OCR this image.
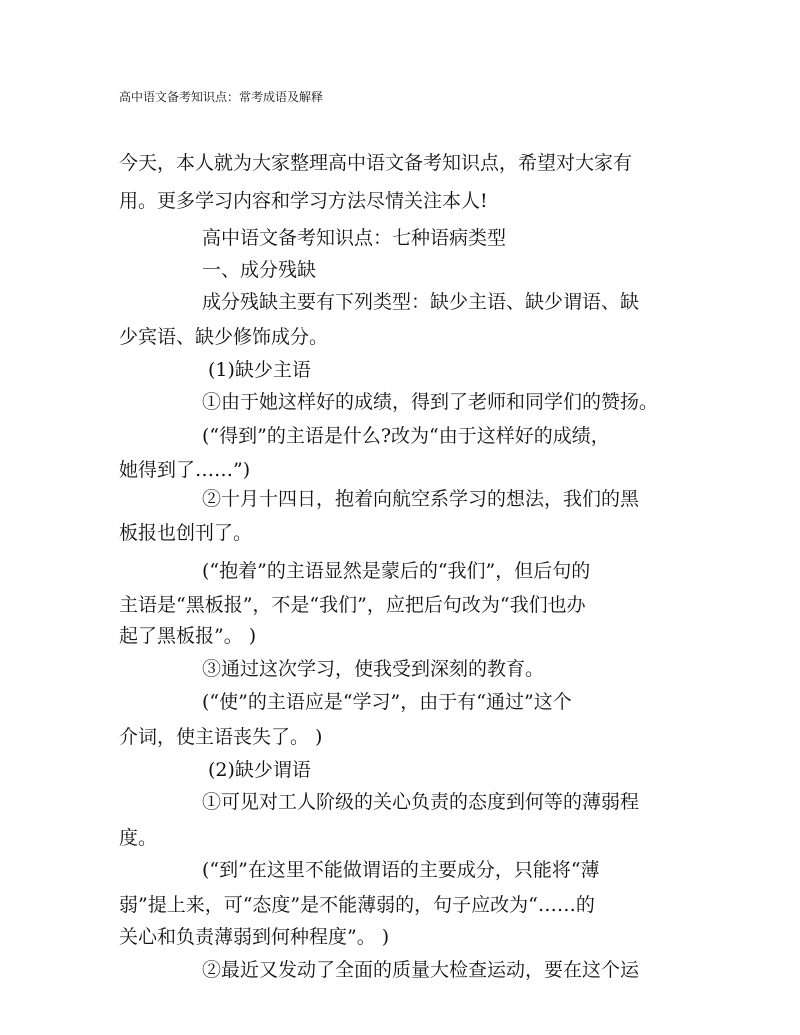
高中语文备考知识点：常考成语及解释
今天，本人就为大家整理高中语文备考知识点，希望对大家有
用。更多学习内容和学习方法尽情关注本人!
高中语文备考知识点：七种语病类型
一、成分残缺
成分残缺主要有下列类型：缺少主语、缺少谓语、缺
少宾语、缺少修饰成分。
(1)缺少主语
①由于她这样好的成绩，得到了老师和同学们的赞扬。
(“得到”的主语是什么?改为“由于这样好的成绩，
她得到了……”)
②十月十四日，抱着向航空系学习的想法，我们的黑
板报也创刊了。
(“抱着”的主语显然是蒙后的“我们”，但后句的
主语是“黑板报”，不是“我们”，应把后句改为“我们也办
起了黑板报”。 )
③通过这次学习，使我受到深刻的教育。
(“使”的主语应是“学习”，由于有“通过”这个
介词，使主语丧失了。 )
(2)缺少谓语
①可见对工人阶级的关心负责的态度到何等的薄弱程
度。
(“到”在这里不能做谓语的主要成分，只能将“薄
弱”提上来，可“态度”是不能薄弱的，句子应改为“……的
关心和负责薄弱到何种程度”。 )
②最近又发动了全面的质量大检查运动，要在这个运
